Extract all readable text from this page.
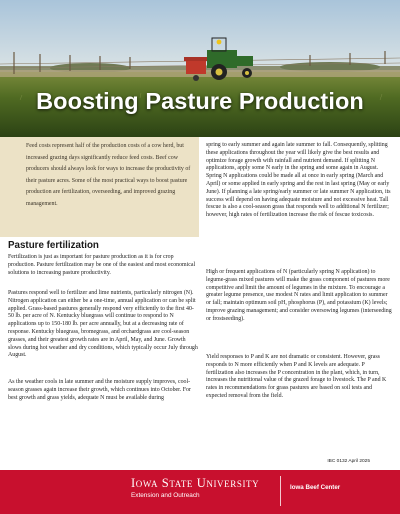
Boosting Pasture Production

Feed costs represent half of the production costs of a cow herd, but increased grazing days significantly reduce feed costs. Beef cow producers should always look for ways to increase the productivity of their pasture acres. Some of the most practical ways to boost pasture production are fertilization, overseeding, and improved grazing management.

Pasture fertilization

Fertilization is just as important for pasture production as it is for crop production. Pasture fertilization may be one of the easiest and most economical solutions to increasing pasture productivity.

Pastures respond well to fertilizer and lime nutrients, particularly nitrogen (N). Nitrogen application can either be a one-time, annual application or can be split applied. Grass-based pastures generally respond very efficiently to the first 40-50 lb. per acre of N. Kentucky bluegrass will continue to respond to N applications up to 150-180 lb. per acre annually, but at a decreasing rate of response. Kentucky bluegrass, bromegrass, and orchardgrass are cool-season grasses, and their greatest growth rates are in April, May, and June. Growth slows during hot weather and dry conditions, which typically occur July through August.

As the weather cools in late summer and the moisture supply improves, cool-season grasses again increase their growth, which continues into October. For best growth and grass yields, adequate N must be available during

spring to early summer and again late summer to fall. Consequently, splitting these applications throughout the year will likely give the best results and optimize forage growth with rainfall and nutrient demand. If splitting N applications, apply some N early in the spring and some again in August. Spring N applications could be made all at once in early spring (March and April) or some applied in early spring and the rest in last spring (May or early June). If planning a late spring/early summer or late summer N application, its success will depend on having adequate moisture and not excessive heat. Tall fescue is also a cool-season grass that responds well to additional N fertilizer; however, high rates of fertilization increase the risk of fescue toxicosis.

High or frequent applications of N (particularly spring N application) to legume-grass mixed pastures will make the grass component of pastures more competitive and limit the amount of legumes in the mixture. To encourage a greater legume presence, use modest N rates and limit application to summer or fall; maintain optimum soil pH, phosphorus (P), and potassium (K) levels; improve grazing management; and consider oversowing legumes (interseeding or frostseeding).

Yield responses to P and K are not dramatic or consistent. However, grass responds to N more efficiently when P and K levels are adequate. P fertilization also increases the P concentration in the plant, which, in turn, increases the nutritional value of the grazed forage to livestock. The P and K rates in recommendations for grass pastures are based on soil tests and expected removal from the field.

IBC 0132 April 2025
Iowa State University
Extension and Outreach
Iowa Beef Center
